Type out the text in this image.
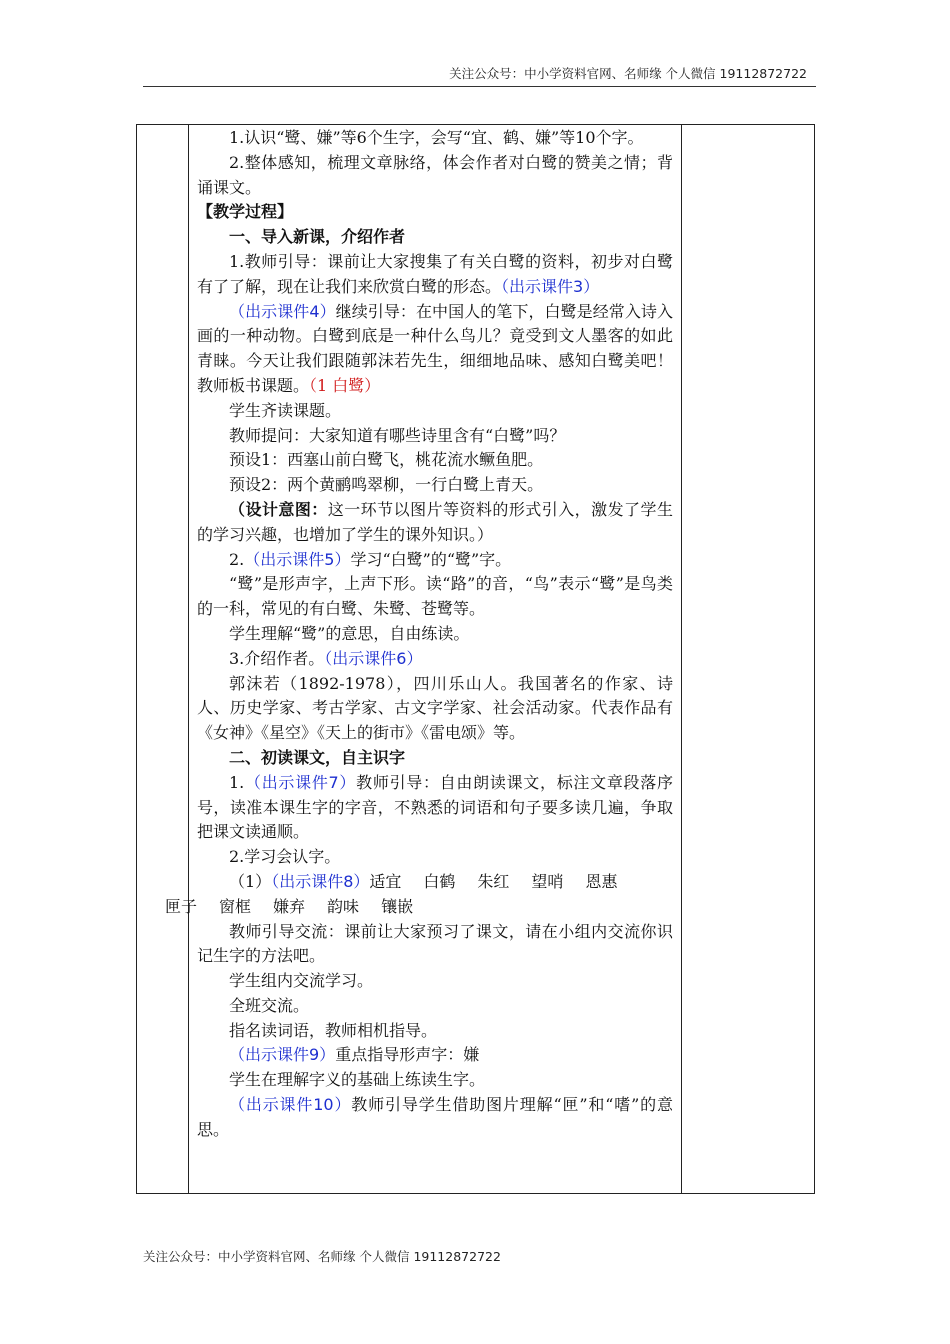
关注公众号：中小学资料官网、名师缘 个人微信 19112872722

1.认识“鹭、嫌”等6个生字，会写“宜、鹤、嫌”等10个字。

2.整体感知，梳理文章脉络，体会作者对白鹭的赞美之情；背诵课文。

【教学过程】

一、导入新课，介绍作者

1.教师引导：课前让大家搜集了有关白鹭的资料，初步对白鹭有了了解，现在让我们来欣赏白鹭的形态。（出示课件3）

（出示课件4）继续引导：在中国人的笔下，白鹭是经常入诗入画的一种动物。白鹭到底是一种什么鸟儿？竟受到文人墨客的如此青睐。今天让我们跟随郭沫若先生，细细地品味、感知白鹭美吧！教师板书课题。（1 白鹭）

学生齐读课题。

教师提问：大家知道有哪些诗里含有“白鹭”吗？

预设1：西塞山前白鹭飞，桃花流水鳜鱼肥。

预设2：两个黄鹂鸣翠柳，一行白鹭上青天。

（设计意图：这一环节以图片等资料的形式引入，激发了学生的学习兴趣，也增加了学生的课外知识。）

2.（出示课件5）学习“白鹭”的“鹭”字。

“鹭”是形声字，上声下形。读“路”的音，“鸟”表示“鹭”是鸟类的一科，常见的有白鹭、朱鹭、苍鹭等。

学生理解“鹭”的意思，自由练读。

3.介绍作者。（出示课件6）

郭沫若（1892-1978），四川乐山人。我国著名的作家、诗人、历史学家、考古学家、古文字学家、社会活动家。代表作品有《女神》《星空》《天上的街市》《雷电颂》等。

二、初读课文，自主识字

1.（出示课件7）教师引导：自由朗读课文，标注文章段落序号，读准本课生字的字音，不熟悉的词语和句子要多读几遍，争取把课文读通顺。

2.学习会认字。

（1）（出示课件8）适宜 白鹤 朱红 望哨 恩惠
匣子 窗框 嫌弃 韵味 镶嵌

教师引导交流：课前让大家预习了课文，请在小组内交流你识记生字的方法吧。

学生组内交流学习。

全班交流。

指名读词语，教师相机指导。

（出示课件9）重点指导形声字：嫌

学生在理解字义的基础上练读生字。

（出示课件10）教师引导学生借助图片理解“匣”和“嗜”的意思。

关注公众号：中小学资料官网、名师缘 个人微信 19112872722
